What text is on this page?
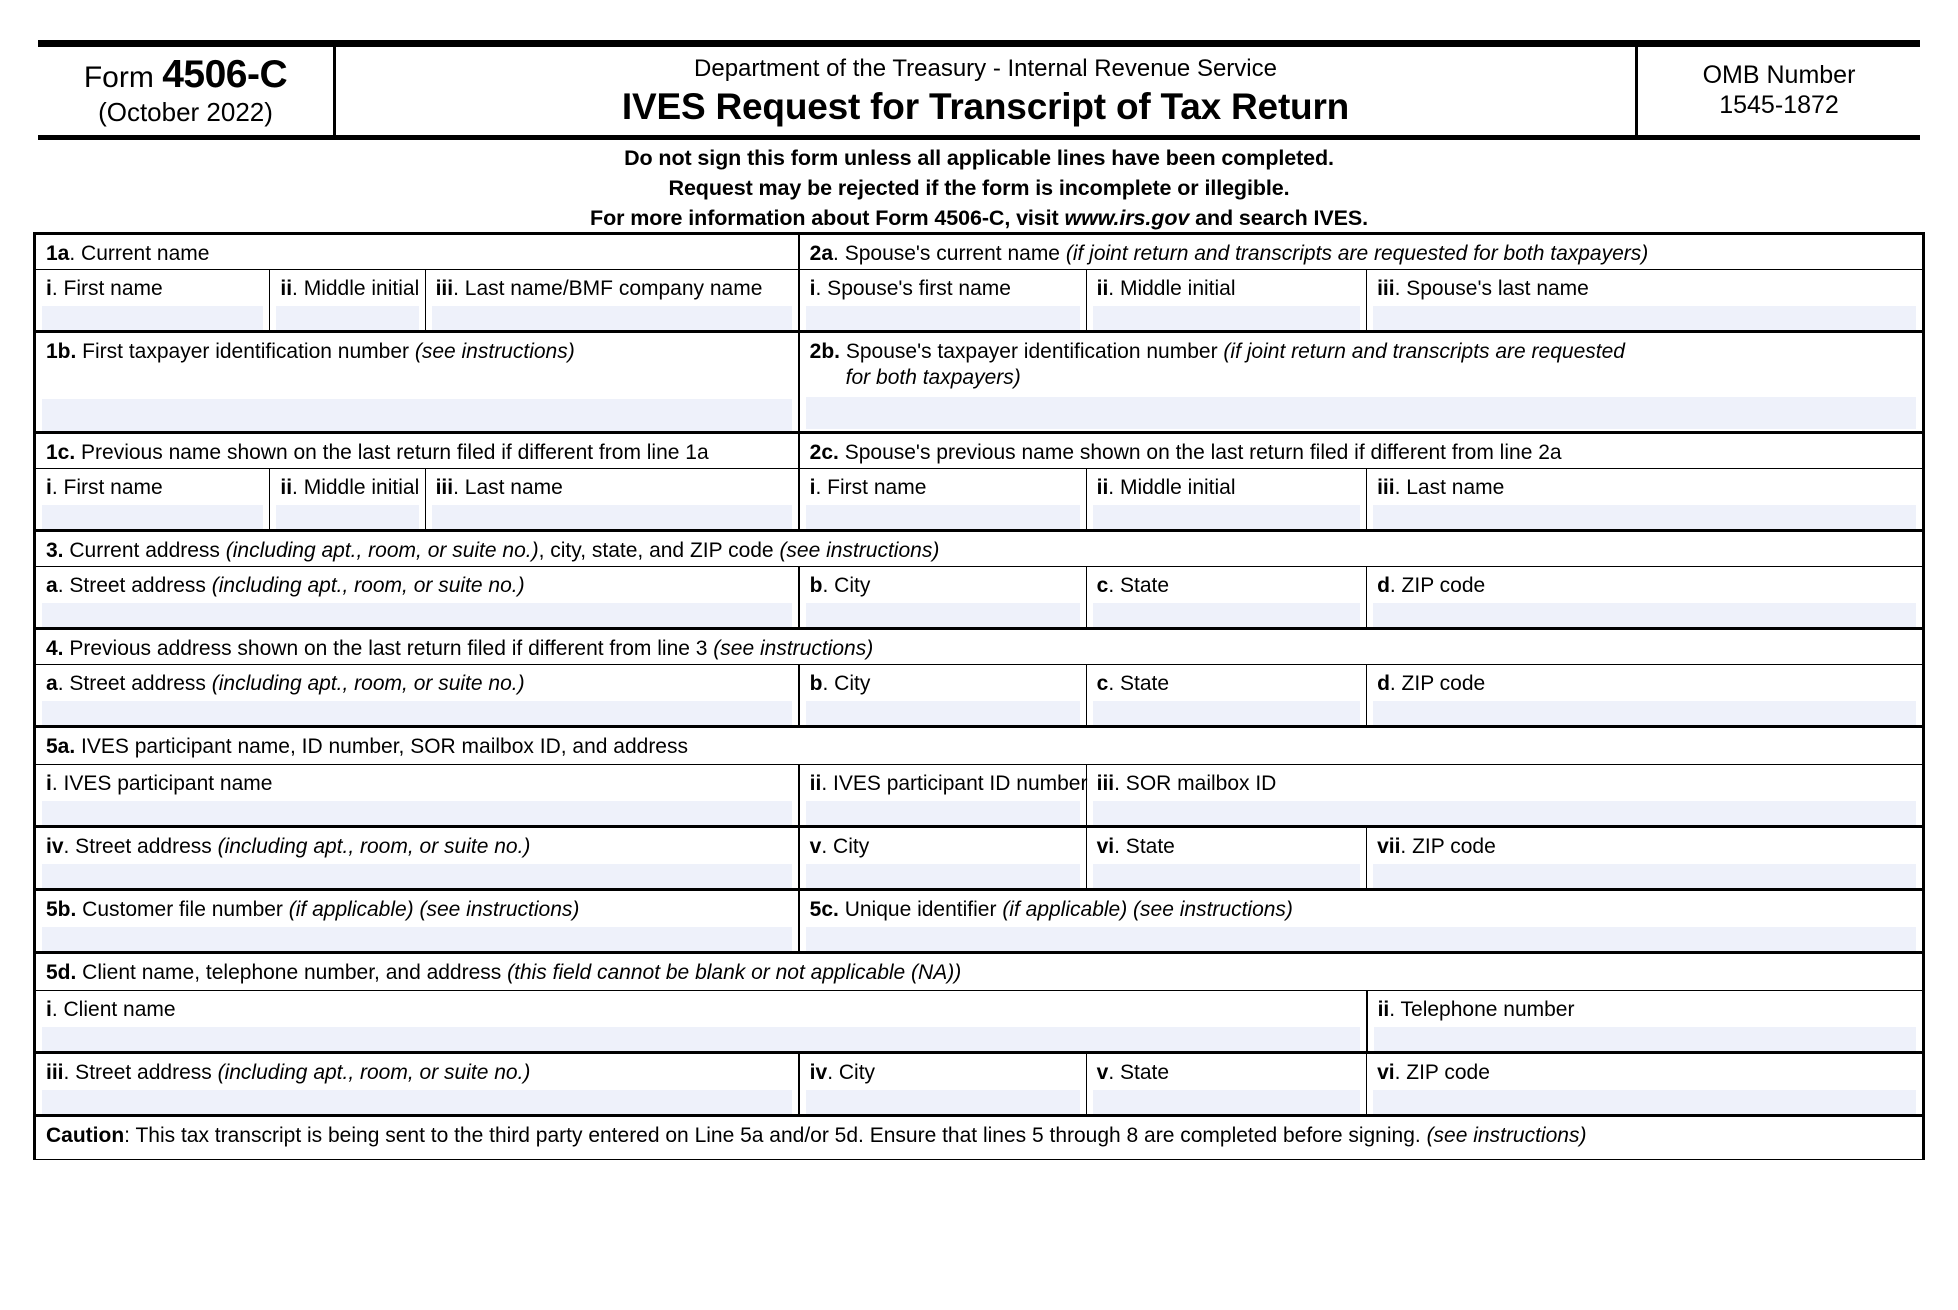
Form 4506-C
(October 2022)
Department of the Treasury - Internal Revenue Service
IVES Request for Transcript of Tax Return
OMB Number
1545-1872
Do not sign this form unless all applicable lines have been completed.
Request may be rejected if the form is incomplete or illegible.
For more information about Form 4506-C, visit www.irs.gov and search IVES.
1a. Current name			2a. Spouse's current name (if joint return and transcripts are requested for both taxpayers)		

i. First name	ii. Middle initial	iii. Last name/BMF company name	i. Spouse's first name	ii. Middle initial	iii. Spouse's last name

1b. First taxpayer identification number (see instructions)			2b. Spouse's taxpayer identification number (if joint return and transcripts are requested
for both taxpayers)		

1c. Previous name shown on the last return filed if different from line 1a			2c. Spouse's previous name shown on the last return filed if different from line 2a		

i. First name	ii. Middle initial	iii. Last name	i. First name	ii. Middle initial	iii. Last name

3. Current address (including apt., room, or suite no.), city, state, and ZIP code (see instructions)					

a. Street address (including apt., room, or suite no.)			b. City	c. State	d. ZIP code

4. Previous address shown on the last return filed if different from line 3 (see instructions)					

a. Street address (including apt., room, or suite no.)			b. City	c. State	d. ZIP code

5a. IVES participant name, ID number, SOR mailbox ID, and address					

i. IVES participant name			ii. IVES participant ID number	iii. SOR mailbox ID	

iv. Street address (including apt., room, or suite no.)			v. City	vi. State	vii. ZIP code

5b. Customer file number (if applicable) (see instructions)			5c. Unique identifier (if applicable) (see instructions)		

5d. Client name, telephone number, and address (this field cannot be blank or not applicable (NA))					

i. Client name					ii. Telephone number

iii. Street address (including apt., room, or suite no.)			iv. City	v. State	vi. ZIP code

Caution: This tax transcript is being sent to the third party entered on Line 5a and/or 5d. Ensure that lines 5 through 8 are completed before signing. (see instructions)					
